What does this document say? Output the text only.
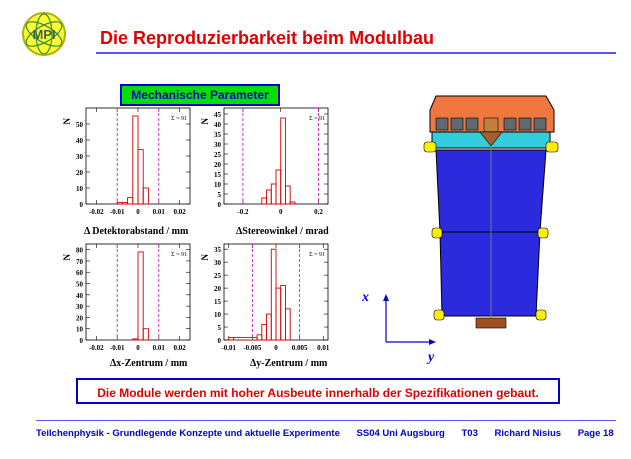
MPI Die Reproduzierbarkeit beim Modulbau
Mechanische Parameter
0
10
20
30
40
50
-0.02 -0.01 0 0.01 0.02
N	Σ = 91
0
5
10
15
20
25
30
35
40
45
-0.2	0	0.2
N	Σ = 91
0
10
20
30
40
50
60
70
80
-0.02 -0.01 0 0.01 0.02
N	Σ = 91
0
5
10
15
20
25
30
35
-0.01 -0.005 0 0.005 0.01
N	Σ = 91
Δ Detektorabstand / mm	ΔStereowinkel / mrad
Δx-Zentrum / mm	Δy-Zentrum / mm
x
y
Die Module werden mit hoher Ausbeute innerhalb der Spezifikationen gebaut.
Teilchenphysik - Grundlegende Konzepte und aktuelle Experimente SS04 Uni Augsburg T03 Richard Nisius Page 18
